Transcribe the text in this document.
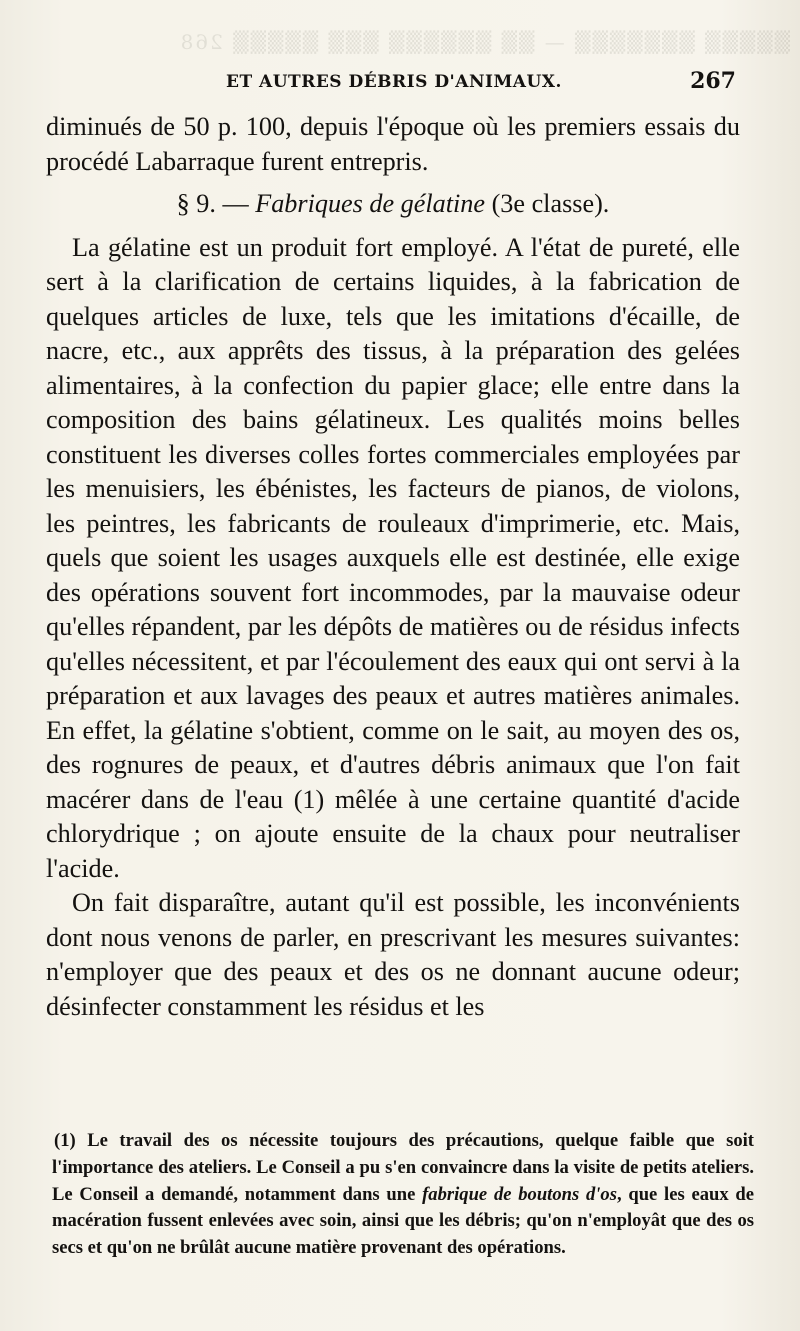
▒▒▒▒▒ ▒▒▒▒▒▒▒ — ▒▒ ▒▒▒▒▒▒ ▒▒▒ ▒▒▒▒▒ 268
ET AUTRES DÉBRIS D'ANIMAUX.	267

diminués de 50 p. 100, depuis l'époque où les premiers essais du procédé Labarraque furent entrepris.

§ 9. — Fabriques de gélatine (3e classe).

La gélatine est un produit fort employé. A l'état de pureté, elle sert à la clarification de certains liquides, à la fabrication de quelques articles de luxe, tels que les imitations d'écaille, de nacre, etc., aux apprêts des tissus, à la préparation des gelées alimentaires, à la confection du papier glace; elle entre dans la composition des bains gélatineux. Les qualités moins belles constituent les diverses colles fortes commerciales employées par les menuisiers, les ébénistes, les facteurs de pianos, de violons, les peintres, les fabricants de rouleaux d'imprimerie, etc. Mais, quels que soient les usages auxquels elle est destinée, elle exige des opérations souvent fort incommodes, par la mauvaise odeur qu'elles répandent, par les dépôts de matières ou de résidus infects qu'elles nécessitent, et par l'écoulement des eaux qui ont servi à la préparation et aux lavages des peaux et autres matières animales. En effet, la gélatine s'obtient, comme on le sait, au moyen des os, des rognures de peaux, et d'autres débris animaux que l'on fait macérer dans de l'eau (1) mêlée à une certaine quantité d'acide chlorydrique ; on ajoute ensuite de la chaux pour neutraliser l'acide.

On fait disparaître, autant qu'il est possible, les inconvénients dont nous venons de parler, en prescrivant les mesures suivantes: n'employer que des peaux et des os ne donnant aucune odeur; désinfecter constamment les résidus et les

(1) Le travail des os nécessite toujours des précautions, quelque faible que soit l'importance des ateliers. Le Conseil a pu s'en convaincre dans la visite de petits ateliers. Le Conseil a demandé, notamment dans une fabrique de boutons d'os, que les eaux de macération fussent enlevées avec soin, ainsi que les débris; qu'on n'employât que des os secs et qu'on ne brûlât aucune matière provenant des opérations.
